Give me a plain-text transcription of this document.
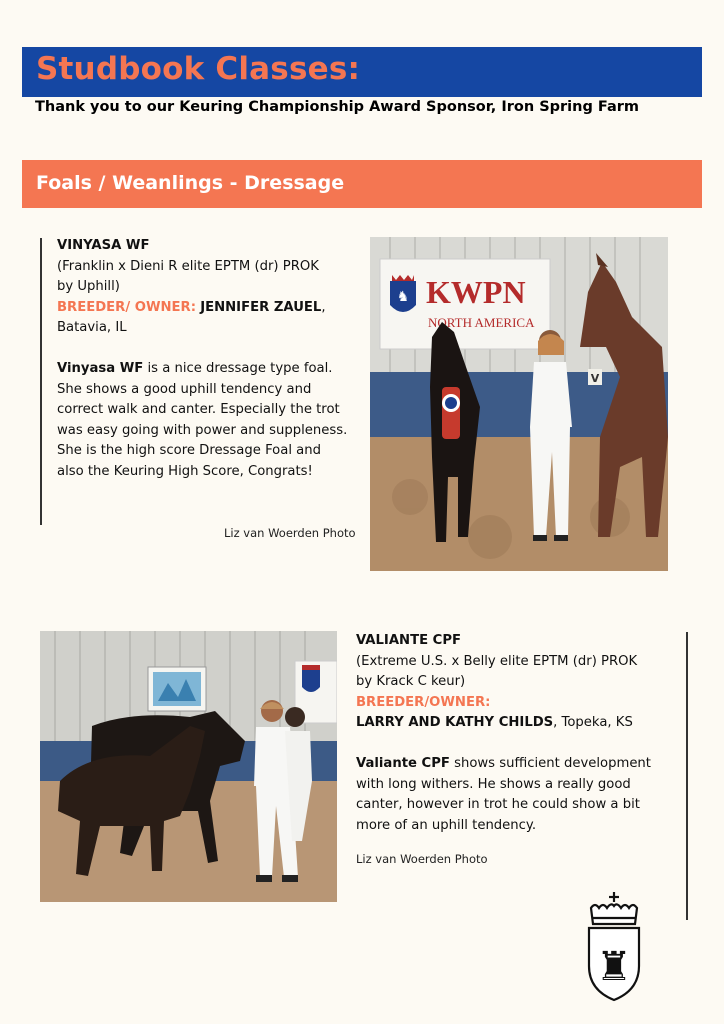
Studbook Classes:
Thank you to our Keuring Championship Award Sponsor, Iron Spring Farm
Foals / Weanlings - Dressage

VINYASA WF

(Franklin x Dieni R elite EPTM (dr) PROK
by Uphill)

BREEDER/ OWNER: JENNIFER ZAUEL,

Batavia, IL

Vinyasa WF is a nice dressage type foal.

She shows a good uphill tendency and

correct walk and canter. Especially the trot

was easy going with power and suppleness.

She is the high score Dressage Foal and

also the Keuring High Score, Congrats!

Liz van Woerden Photo
♞ KWPN
NORTH AMERICA
V

VALIANTE CPF

(Extreme U.S. x Belly elite EPTM (dr) PROK
by Krack C keur)

BREEDER/OWNER:

LARRY AND KATHY CHILDS, Topeka, KS

Valiante CPF shows sufficient development

with long withers. He shows a really good

canter, however in trot he could show a bit

more of an uphill tendency.

Liz van Woerden Photo
♜
